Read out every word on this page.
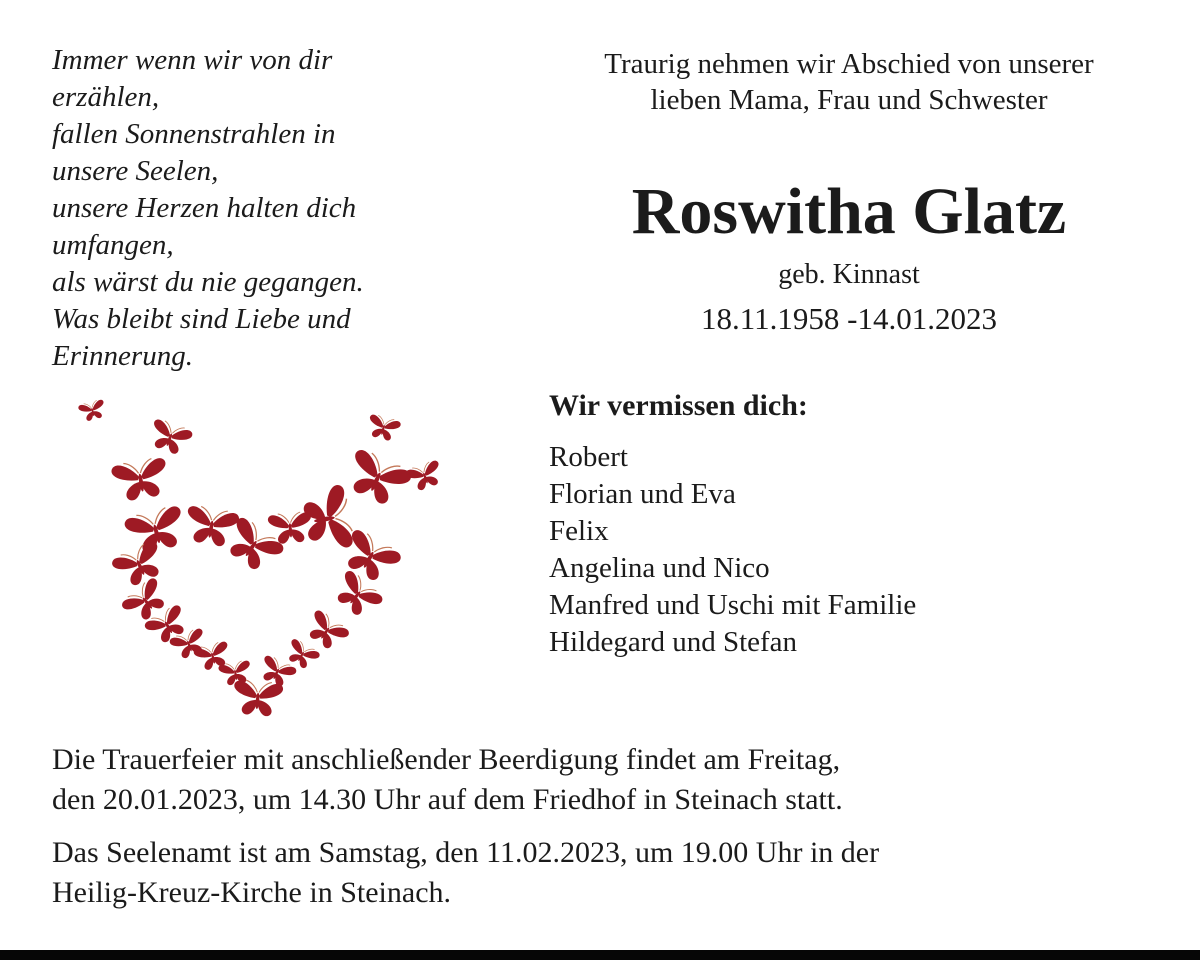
Immer wenn wir von dir
erzählen,
fallen Sonnenstrahlen in
unsere Seelen,
unsere Herzen halten dich
umfangen,
als wärst du nie gegangen.
Was bleibt sind Liebe und
Erinnerung.
Traurig nehmen wir Abschied von unserer
lieben Mama, Frau und Schwester
Roswitha Glatz
geb. Kinnast
18.11.1958 -14.01.2023
Wir vermissen dich:
Robert
Florian und Eva
Felix
Angelina und Nico
Manfred und Uschi mit Familie
Hildegard und Stefan
Die Trauerfeier mit anschließender Beerdigung findet am Freitag,
den 20.01.2023, um 14.30 Uhr auf dem Friedhof in Steinach statt.
Das Seelenamt ist am Samstag, den 11.02.2023, um 19.00 Uhr in der
Heilig-Kreuz-Kirche in Steinach.
